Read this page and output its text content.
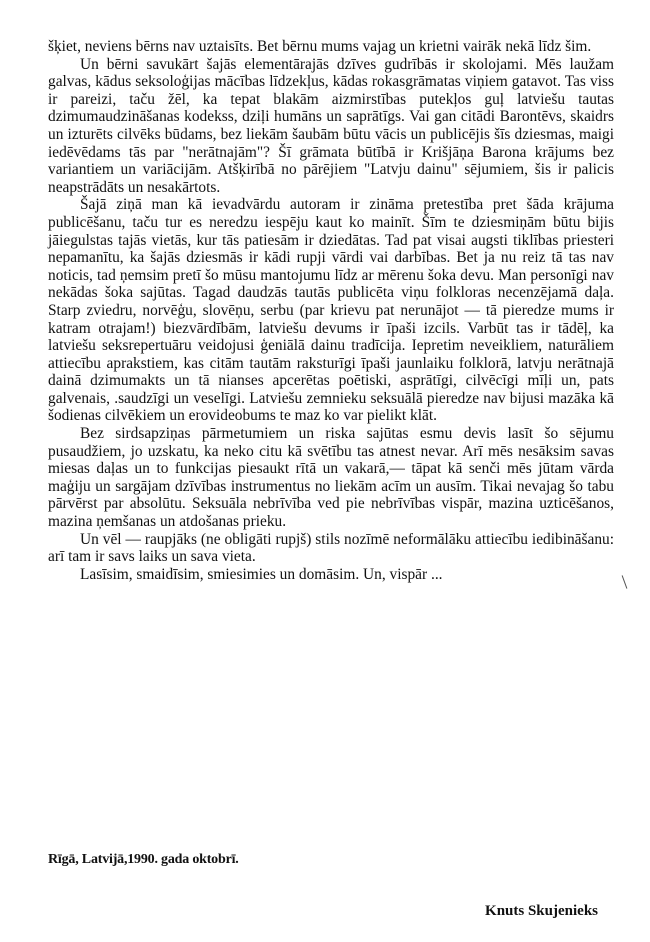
šķiet, neviens bērns nav uztaisīts. Bet bērnu mums vajag un krietni vairāk nekā līdz šim.

Un bērni savukārt šajās elementārajās dzīves gudrībās ir skolojami. Mēs laužam galvas, kādus seksoloģijas mācības līdzekļus, kādas rokasgrāmatas viņiem gatavot. Tas viss ir pareizi, taču žēl, ka tepat blakām aizmirstības putekļos guļ latviešu tautas dzimumaudzināšanas kodekss, dziļi humāns un saprātīgs. Vai gan citādi Barontēvs, skaidrs un izturēts cilvēks būdams, bez liekām šaubām būtu vācis un publicējis šīs dziesmas, maigi iedēvēdams tās par "nerātnajām"? Šī grāmata būtībā ir Krišjāņa Barona krājums bez variantiem un variācijām. Atšķirībā no pārējiem "Latvju dainu" sējumiem, šis ir palicis neapstrādāts un nesakārtots.

Šajā ziņā man kā ievadvārdu autoram ir zināma pretestība pret šāda krājuma publicēšanu, taču tur es neredzu iespēju kaut ko mainīt. Šīm te dziesmiņām būtu bijis jāiegulstas tajās vietās, kur tās patiesām ir dziedātas. Tad pat visai augsti tiklības priesteri nepamanītu, ka šajās dziesmās ir kādi rupji vārdi vai darbības. Bet ja nu reiz tā tas nav noticis, tad ņemsim pretī šo mūsu mantojumu līdz ar mērenu šoka devu. Man personīgi nav nekādas šoka sajūtas. Tagad daudzās tautās publicēta viņu folkloras necenzējamā daļa. Starp zviedru, norvēģu, slovēņu, serbu (par krievu pat nerunājot — tā pieredze mums ir katram otrajam!) biezvārdībām, latviešu devums ir īpaši izcils. Varbūt tas ir tādēļ, ka latviešu seksrepertuāru veidojusi ģeniālā dainu tradīcija. Iepretim neveikliem, naturāliem attiecību aprakstiem, kas citām tautām raksturīgi īpaši jaunlaiku folklorā, latvju nerātnajā dainā dzimumakts un tā nianses apcerētas poētiski, asprātīgi, cilvēcīgi mīļi un, pats galvenais, .saudzīgi un veselīgi. Latviešu zemnieku seksuālā pieredze nav bijusi mazāka kā šodienas cilvēkiem un erovideobums te maz ko var pielikt klāt.

Bez sirdsapziņas pārmetumiem un riska sajūtas esmu devis lasīt šo sējumu pusaudžiem, jo uzskatu, ka neko citu kā svētību tas atnest nevar. Arī mēs nesāksim savas miesas daļas un to funkcijas piesaukt rītā un vakarā,— tāpat kā senči mēs jūtam vārda maģiju un sargājam dzīvības instrumentus no liekām acīm un ausīm. Tikai nevajag šo tabu pārvērst par absolūtu. Seksuāla nebrīvība ved pie nebrīvības vispār, mazina uzticēšanos, mazina ņemšanas un atdošanas prieku.

Un vēl — raupjāks (ne obligāti rupjš) stils nozīmē neformālāku attiecību iedibināšanu: arī tam ir savs laiks un sava vieta.

Lasīsim, smaidīsim, smiesimies un domāsim. Un, vispār ...

Rīgā, Latvijā,1990. gada oktobrī.
Knuts Skujenieks
